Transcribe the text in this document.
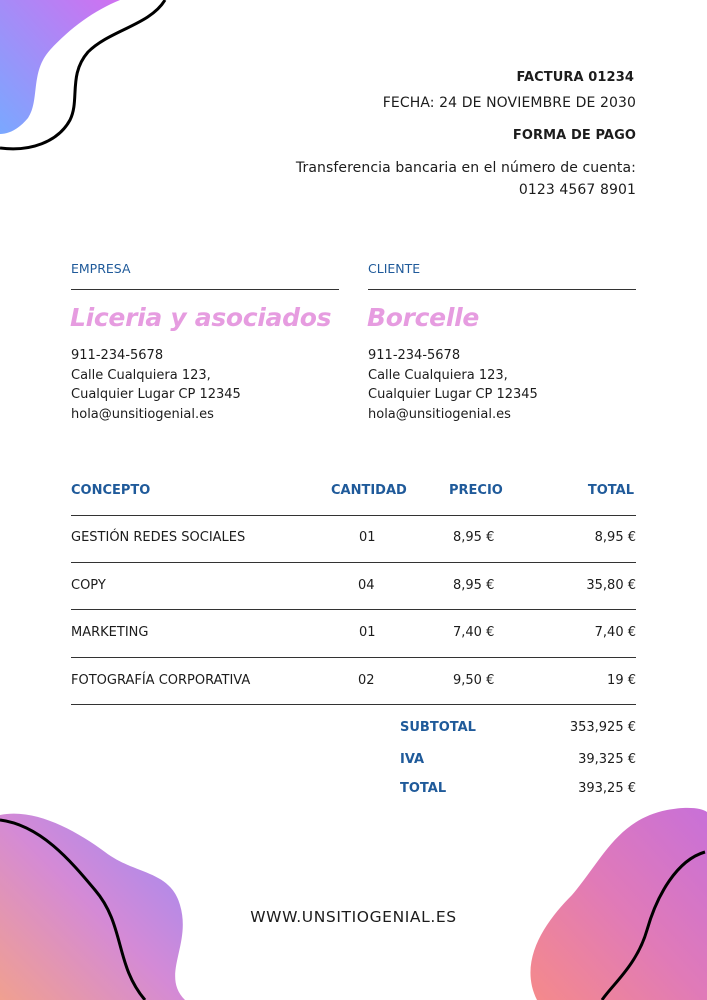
FACTURA 01234
FECHA: 24 DE NOVIEMBRE DE 2030
FORMA DE PAGO
Transferencia bancaria en el número de cuenta:
0123 4567 8901
EMPRESA
Liceria y asociados
911-234-5678
Calle Cualquiera 123,
Cualquier Lugar CP 12345
hola@unsitiogenial.es
CLIENTE
Borcelle
911-234-5678
Calle Cualquiera 123,
Cualquier Lugar CP 12345
hola@unsitiogenial.es
CONCEPTO	CANTIDAD	PRECIO	TOTAL
GESTIÓN REDES SOCIALES	01	8,95 €	8,95 €
COPY	04	8,95 €	35,80 €
MARKETING	01	7,40 €	7,40 €
FOTOGRAFÍA CORPORATIVA	02	9,50 €	19 €
SUBTOTAL	353,925 €
IVA	39,325 €
TOTAL	393,25 €
WWW.UNSITIOGENIAL.ES
